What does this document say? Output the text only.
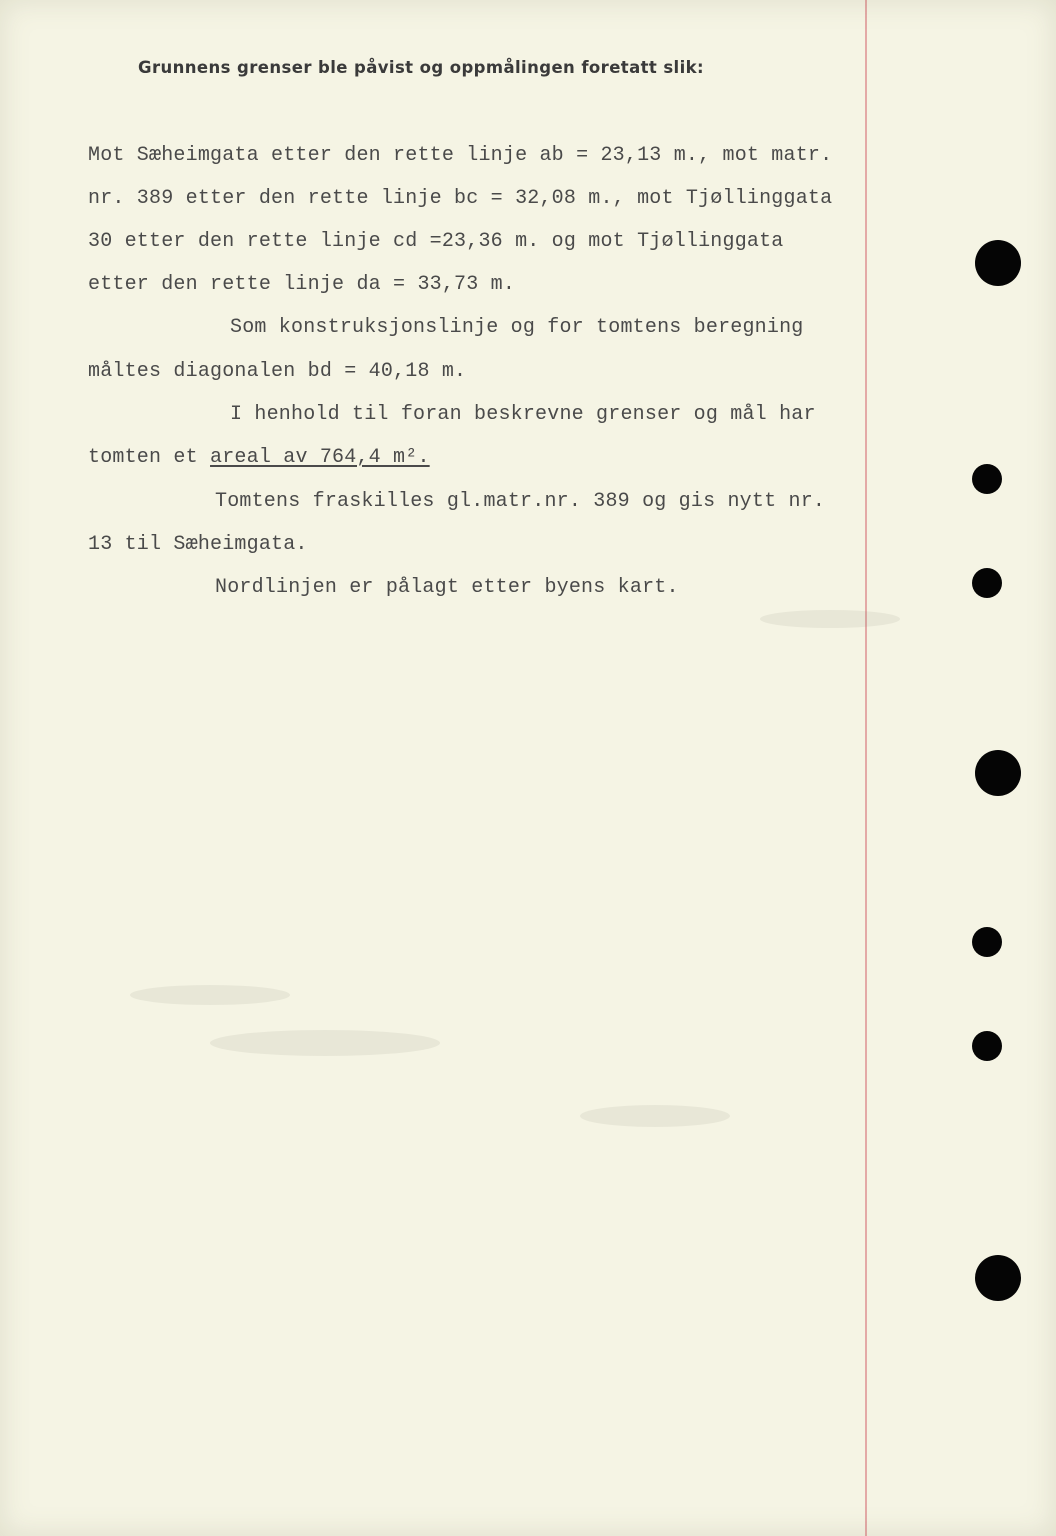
Grunnens grenser ble påvist og oppmålingen foretatt slik:
Mot Sæheimgata etter den rette linje ab = 23,13 m., mot matr.
nr. 389 etter den rette linje bc = 32,08 m., mot Tjøllinggata
30 etter den rette linje cd =23,36 m. og mot Tjøllinggata
etter den rette linje da = 33,73 m.
Som konstruksjonslinje og for tomtens beregning
måltes diagonalen bd = 40,18 m.
I henhold til foran beskrevne grenser og mål har
tomten et areal av 764,4 m².
Tomtens fraskilles gl.matr.nr. 389 og gis nytt nr.
13 til Sæheimgata.
Nordlinjen er pålagt etter byens kart.
